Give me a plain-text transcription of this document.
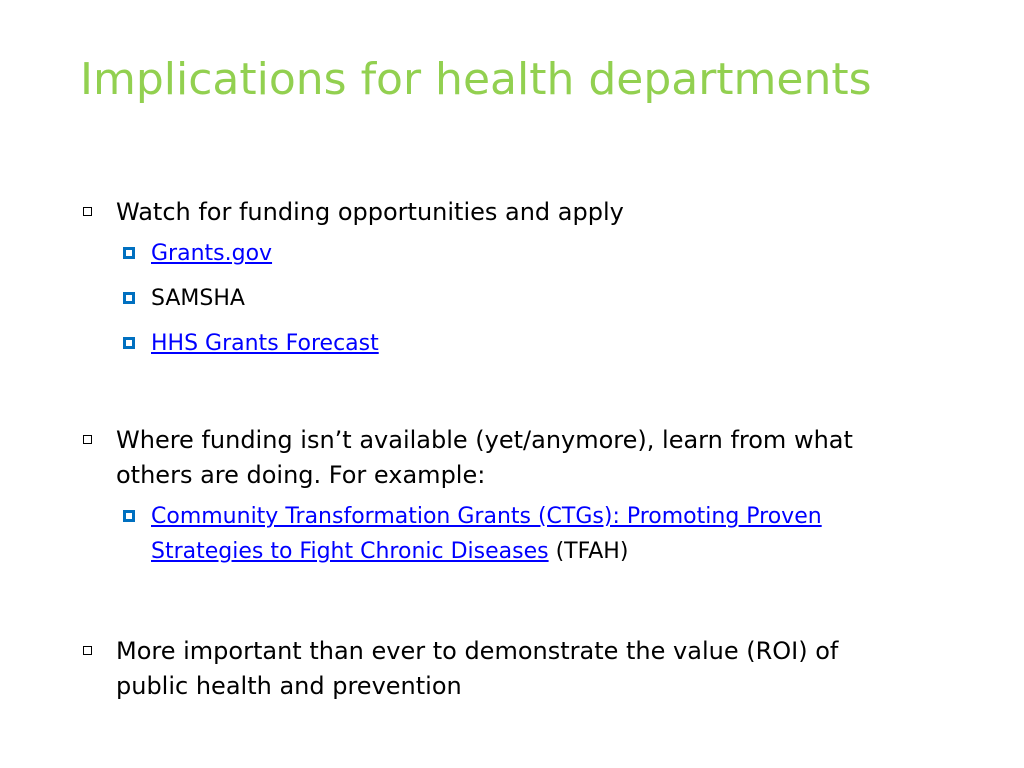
Implications for health departments
Watch for funding opportunities and apply
Grants.gov
SAMSHA
HHS Grants Forecast
Where funding isn’t available (yet/anymore), learn from what
others are doing. For example:
Community Transformation Grants (CTGs): Promoting Proven
Strategies to Fight Chronic Diseases (TFAH)
More important than ever to demonstrate the value (ROI) of
public health and prevention
